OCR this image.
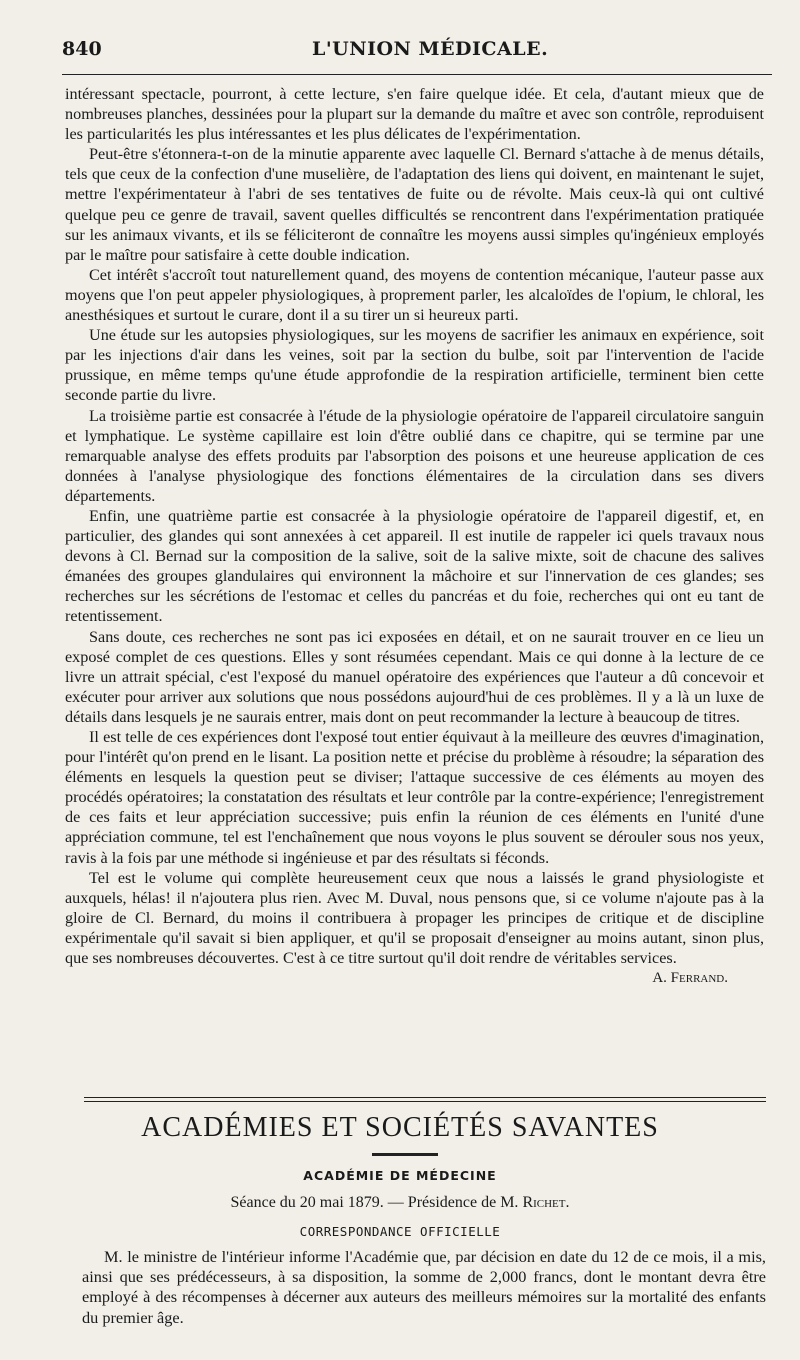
840	L'UNION MÉDICALE.

intéressant spectacle, pourront, à cette lecture, s'en faire quelque idée. Et cela, d'autant mieux que de nombreuses planches, dessinées pour la plupart sur la demande du maître et avec son contrôle, reproduisent les particularités les plus intéressantes et les plus délicates de l'expérimentation.

Peut-être s'étonnera-t-on de la minutie apparente avec laquelle Cl. Bernard s'attache à de menus détails, tels que ceux de la confection d'une muselière, de l'adaptation des liens qui doivent, en maintenant le sujet, mettre l'expérimentateur à l'abri de ses tentatives de fuite ou de révolte. Mais ceux-là qui ont cultivé quelque peu ce genre de travail, savent quelles difficultés se rencontrent dans l'expérimentation pratiquée sur les animaux vivants, et ils se féliciteront de connaître les moyens aussi simples qu'ingénieux employés par le maître pour satisfaire à cette double indication.

Cet intérêt s'accroît tout naturellement quand, des moyens de contention mécanique, l'auteur passe aux moyens que l'on peut appeler physiologiques, à proprement parler, les alcaloïdes de l'opium, le chloral, les anesthésiques et surtout le curare, dont il a su tirer un si heureux parti.

Une étude sur les autopsies physiologiques, sur les moyens de sacrifier les animaux en expérience, soit par les injections d'air dans les veines, soit par la section du bulbe, soit par l'intervention de l'acide prussique, en même temps qu'une étude approfondie de la respiration artificielle, terminent bien cette seconde partie du livre.

La troisième partie est consacrée à l'étude de la physiologie opératoire de l'appareil circulatoire sanguin et lymphatique. Le système capillaire est loin d'être oublié dans ce chapitre, qui se termine par une remarquable analyse des effets produits par l'absorption des poisons et une heureuse application de ces données à l'analyse physiologique des fonctions élémentaires de la circulation dans ses divers départements.

Enfin, une quatrième partie est consacrée à la physiologie opératoire de l'appareil digestif, et, en particulier, des glandes qui sont annexées à cet appareil. Il est inutile de rappeler ici quels travaux nous devons à Cl. Bernad sur la composition de la salive, soit de la salive mixte, soit de chacune des salives émanées des groupes glandulaires qui environnent la mâchoire et sur l'innervation de ces glandes; ses recherches sur les sécrétions de l'estomac et celles du pancréas et du foie, recherches qui ont eu tant de retentissement.

Sans doute, ces recherches ne sont pas ici exposées en détail, et on ne saurait trouver en ce lieu un exposé complet de ces questions. Elles y sont résumées cependant. Mais ce qui donne à la lecture de ce livre un attrait spécial, c'est l'exposé du manuel opératoire des expériences que l'auteur a dû concevoir et exécuter pour arriver aux solutions que nous possédons aujourd'hui de ces problèmes. Il y a là un luxe de détails dans lesquels je ne saurais entrer, mais dont on peut recommander la lecture à beaucoup de titres.

Il est telle de ces expériences dont l'exposé tout entier équivaut à la meilleure des œuvres d'imagination, pour l'intérêt qu'on prend en le lisant. La position nette et précise du problème à résoudre; la séparation des éléments en lesquels la question peut se diviser; l'attaque successive de ces éléments au moyen des procédés opératoires; la constatation des résultats et leur contrôle par la contre-expérience; l'enregistrement de ces faits et leur appréciation successive; puis enfin la réunion de ces éléments en l'unité d'une appréciation commune, tel est l'enchaînement que nous voyons le plus souvent se dérouler sous nos yeux, ravis à la fois par une méthode si ingénieuse et par des résultats si féconds.

Tel est le volume qui complète heureusement ceux que nous a laissés le grand physiologiste et auxquels, hélas! il n'ajoutera plus rien. Avec M. Duval, nous pensons que, si ce volume n'ajoute pas à la gloire de Cl. Bernard, du moins il contribuera à propager les principes de critique et de discipline expérimentale qu'il savait si bien appliquer, et qu'il se proposait d'enseigner au moins autant, sinon plus, que ses nombreuses découvertes. C'est à ce titre surtout qu'il doit rendre de véritables services.
A. Ferrand.

ACADÉMIES ET SOCIÉTÉS SAVANTES
ACADÉMIE DE MÉDECINE
Séance du 20 mai 1879. — Présidence de M. Richet.
CORRESPONDANCE OFFICIELLE
M. le ministre de l'intérieur informe l'Académie que, par décision en date du 12 de ce mois, il a mis, ainsi que ses prédécesseurs, à sa disposition, la somme de 2,000 francs, dont le montant devra être employé à des récompenses à décerner aux auteurs des meilleurs mémoires sur la mortalité des enfants du premier âge.
